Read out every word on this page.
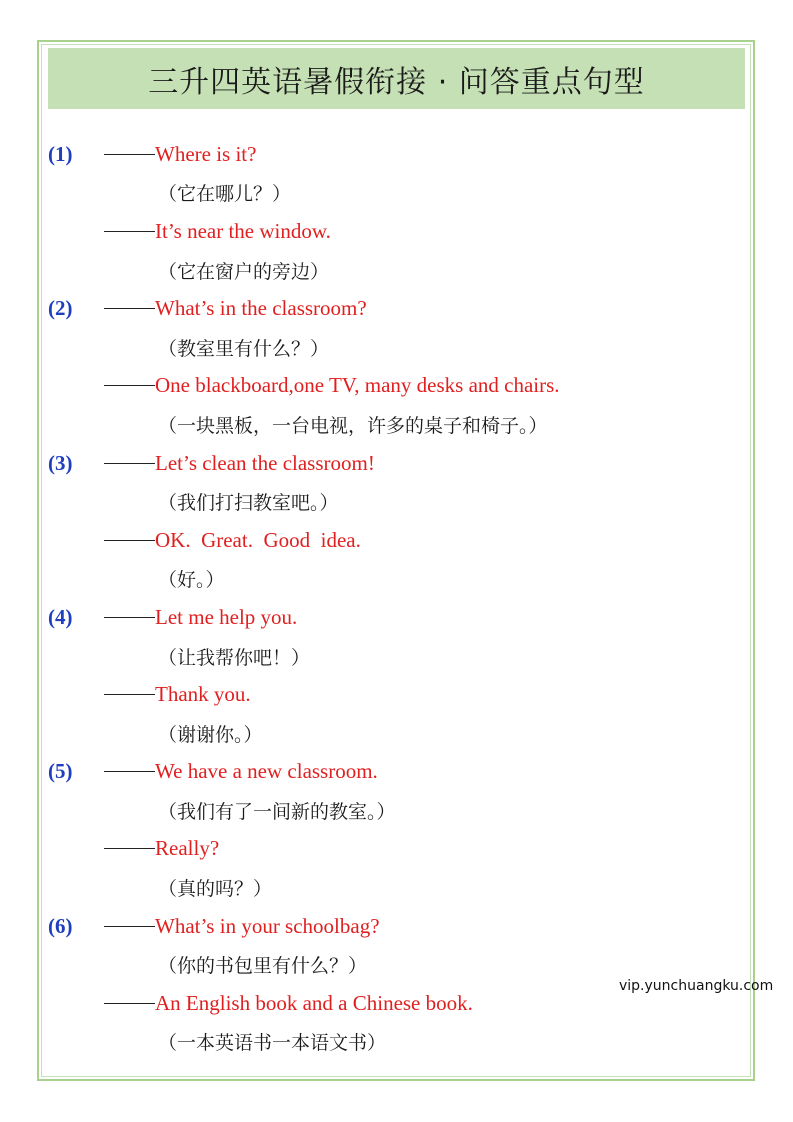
三升四英语暑假衔接 · 问答重点句型
(1)	Where is it?
（它在哪儿？）
It’s near the window.
（它在窗户的旁边）
(2)	What’s in the classroom?
（教室里有什么？）
One blackboard,one TV, many desks and chairs.
（一块黑板，一台电视，许多的桌子和椅子。）
(3)	Let’s clean the classroom!
（我们打扫教室吧。）
OK.  Great.  Good  idea.
（好。）
(4)	Let me help you.
（让我帮你吧！）
Thank you.
（谢谢你。）
(5)	We have a new classroom.
（我们有了一间新的教室。）
Really?
（真的吗？）
(6)	What’s in your schoolbag?
（你的书包里有什么？）
An English book and a Chinese book.
（一本英语书一本语文书）
vip.yunchuangku.com
